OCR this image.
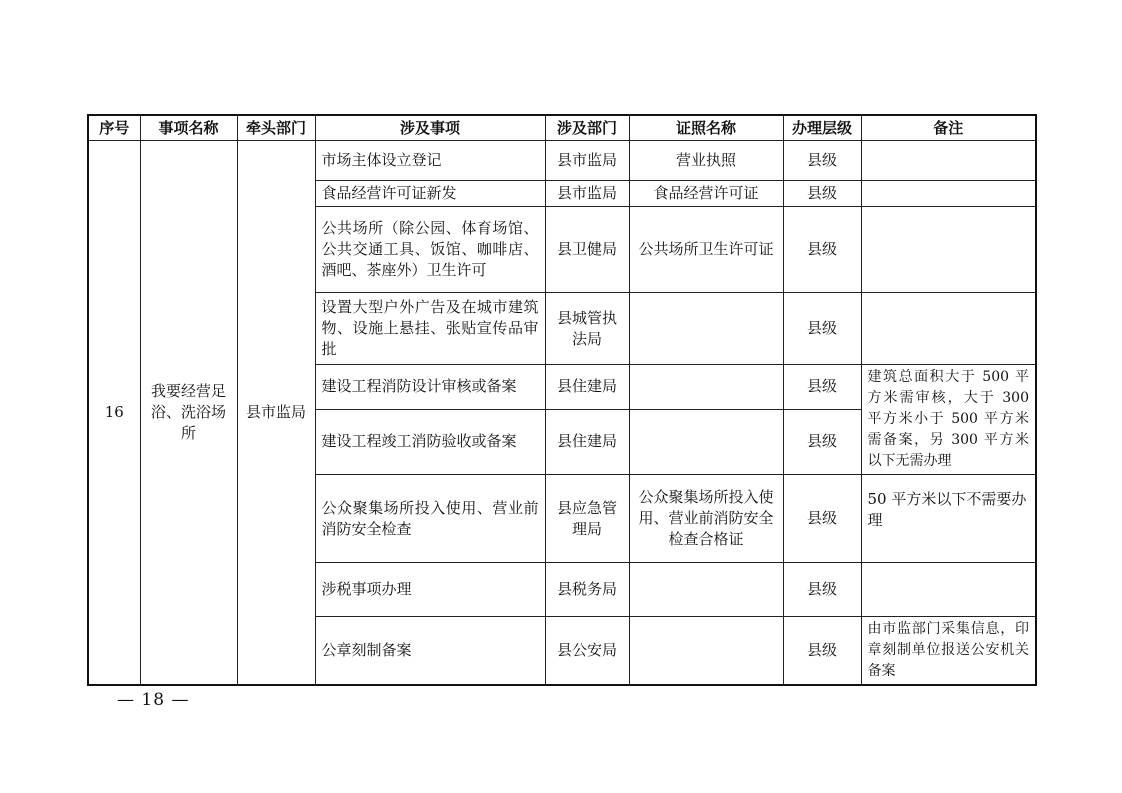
序号	事项名称	牵头部门	涉及事项	涉及部门	证照名称	办理层级	备注
16	我要经营足浴、洗浴场所	县市监局	市场主体设立登记	县市监局	营业执照	县级	
			食品经营许可证新发	县市监局	食品经营许可证	县级	
			公共场所（除公园、体育场馆、公共交通工具、饭馆、咖啡店、酒吧、茶座外）卫生许可	县卫健局	公共场所卫生许可证	县级	
			设置大型户外广告及在城市建筑物、设施上悬挂、张贴宣传品审批	县城管执法局		县级	
			建设工程消防设计审核或备案	县住建局		县级	建筑总面积大于 500 平方米需审核，大于 300 平方米小于 500 平方米需备案，另 300 平方米以下无需办理
			建设工程竣工消防验收或备案	县住建局		县级	
			公众聚集场所投入使用、营业前消防安全检查	县应急管理局	公众聚集场所投入使用、营业前消防安全检查合格证	县级	50 平方米以下不需要办理
			涉税事项办理	县税务局		县级	
			公章刻制备案	县公安局		县级	由市监部门采集信息，印章刻制单位报送公安机关备案
— 18 —
